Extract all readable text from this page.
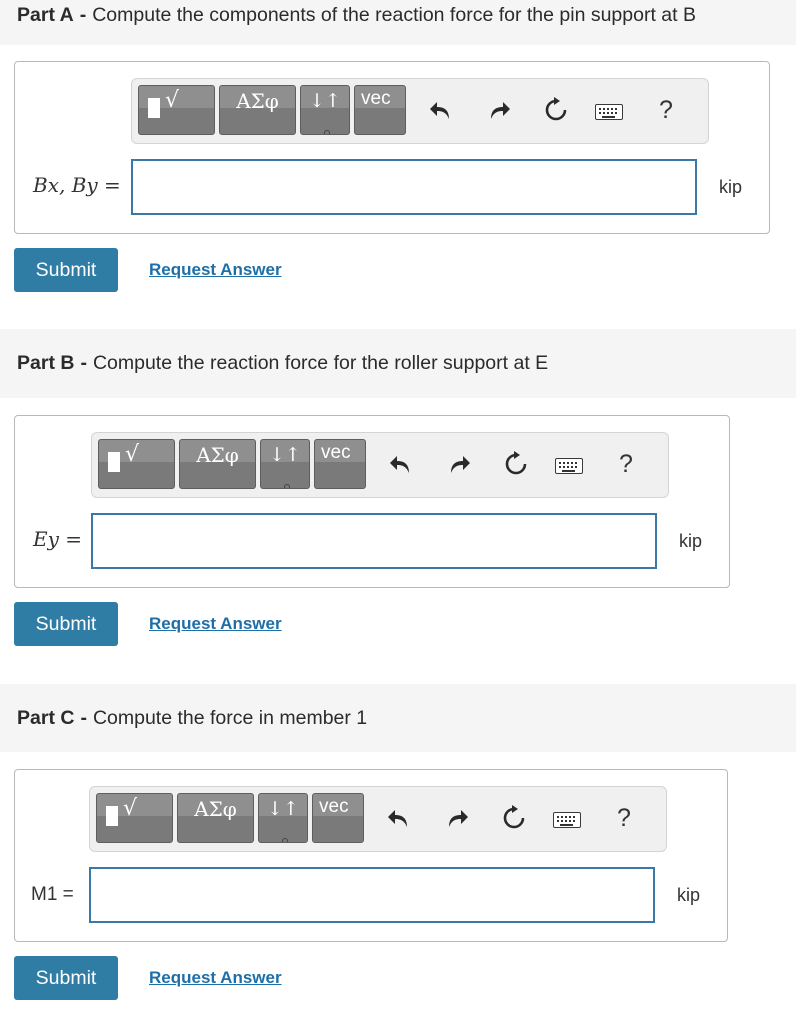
Part A - Compute the components of the reaction force for the pin support at B
√	ΑΣφ	↓↑	vec	?
B𝑥, B𝑦 =	kip
Submit	Request Answer
Part B - Compute the reaction force for the roller support at E
√	ΑΣφ	↓↑	vec	?
E𝑦 =	kip
Submit	Request Answer
Part C - Compute the force in member 1
√	ΑΣφ	↓↑	vec	?
M1 =	kip
Submit	Request Answer
